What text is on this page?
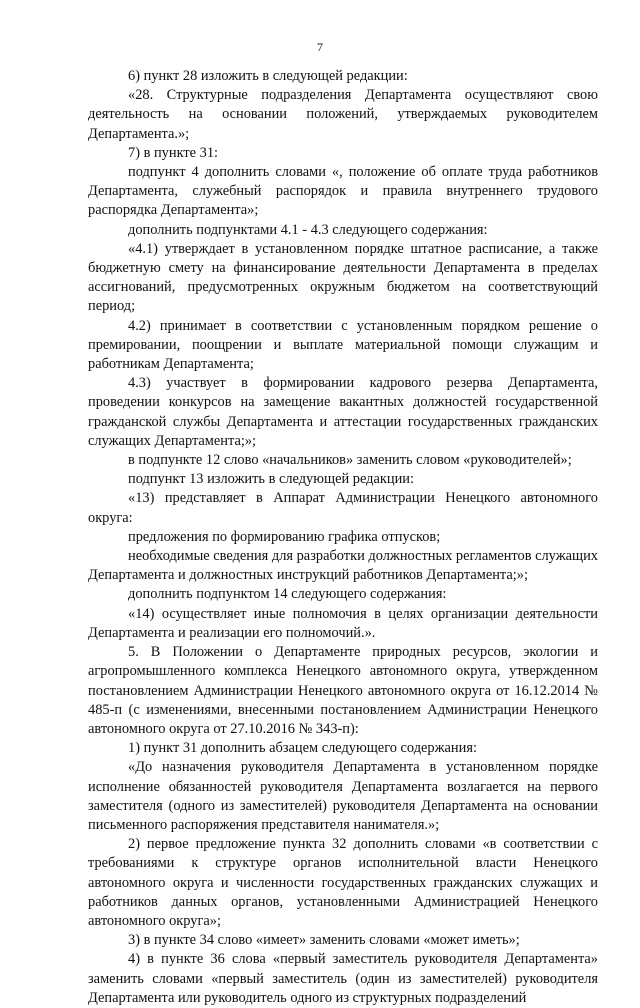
7

6) пункт 28 изложить в следующей редакции:

«28. Структурные подразделения Департамента осуществляют свою деятельность на основании положений, утверждаемых руководителем Департамента.»;

7) в пункте 31:

подпункт 4 дополнить словами «, положение об оплате труда работников Департамента, служебный распорядок и правила внутреннего трудового распорядка Департамента»;

дополнить подпунктами 4.1 - 4.3 следующего содержания:

«4.1) утверждает в установленном порядке штатное расписание, а также бюджетную смету на финансирование деятельности Департамента в пределах ассигнований, предусмотренных окружным бюджетом на соответствующий период;

4.2) принимает в соответствии с установленным порядком решение о премировании, поощрении и выплате материальной помощи служащим и работникам Департамента;

4.3) участвует в формировании кадрового резерва Департамента, проведении конкурсов на замещение вакантных должностей государственной гражданской службы Департамента и аттестации государственных гражданских служащих Департамента;»;

в подпункте 12 слово «начальников» заменить словом «руководителей»;

подпункт 13 изложить в следующей редакции:

«13) представляет в Аппарат Администрации Ненецкого автономного округа:

предложения по формированию графика отпусков;

необходимые сведения для разработки должностных регламентов служащих Департамента и должностных инструкций работников Департамента;»;

дополнить подпунктом 14 следующего содержания:

«14) осуществляет иные полномочия в целях организации деятельности Департамента и реализации его полномочий.».

5. В Положении о Департаменте природных ресурсов, экологии и агропромышленного комплекса Ненецкого автономного округа, утвержденном постановлением Администрации Ненецкого автономного округа от 16.12.2014 № 485-п (с изменениями, внесенными постановлением Администрации Ненецкого автономного округа от 27.10.2016 № 343-п):

1) пункт 31 дополнить абзацем следующего содержания:

«До назначения руководителя Департамента в установленном порядке исполнение обязанностей руководителя Департамента возлагается на первого заместителя (одного из заместителей) руководителя Департамента на основании письменного распоряжения представителя нанимателя.»;

2) первое предложение пункта 32 дополнить словами «в соответствии с требованиями к структуре органов исполнительной власти Ненецкого автономного округа и численности государственных гражданских служащих и работников данных органов, установленными Администрацией Ненецкого автономного округа»;

3) в пункте 34 слово «имеет» заменить словами «может иметь»;

4) в пункте 36 слова «первый заместитель руководителя Департамента» заменить словами «первый заместитель (один из заместителей) руководителя Департамента или руководитель одного из структурных подразделений
